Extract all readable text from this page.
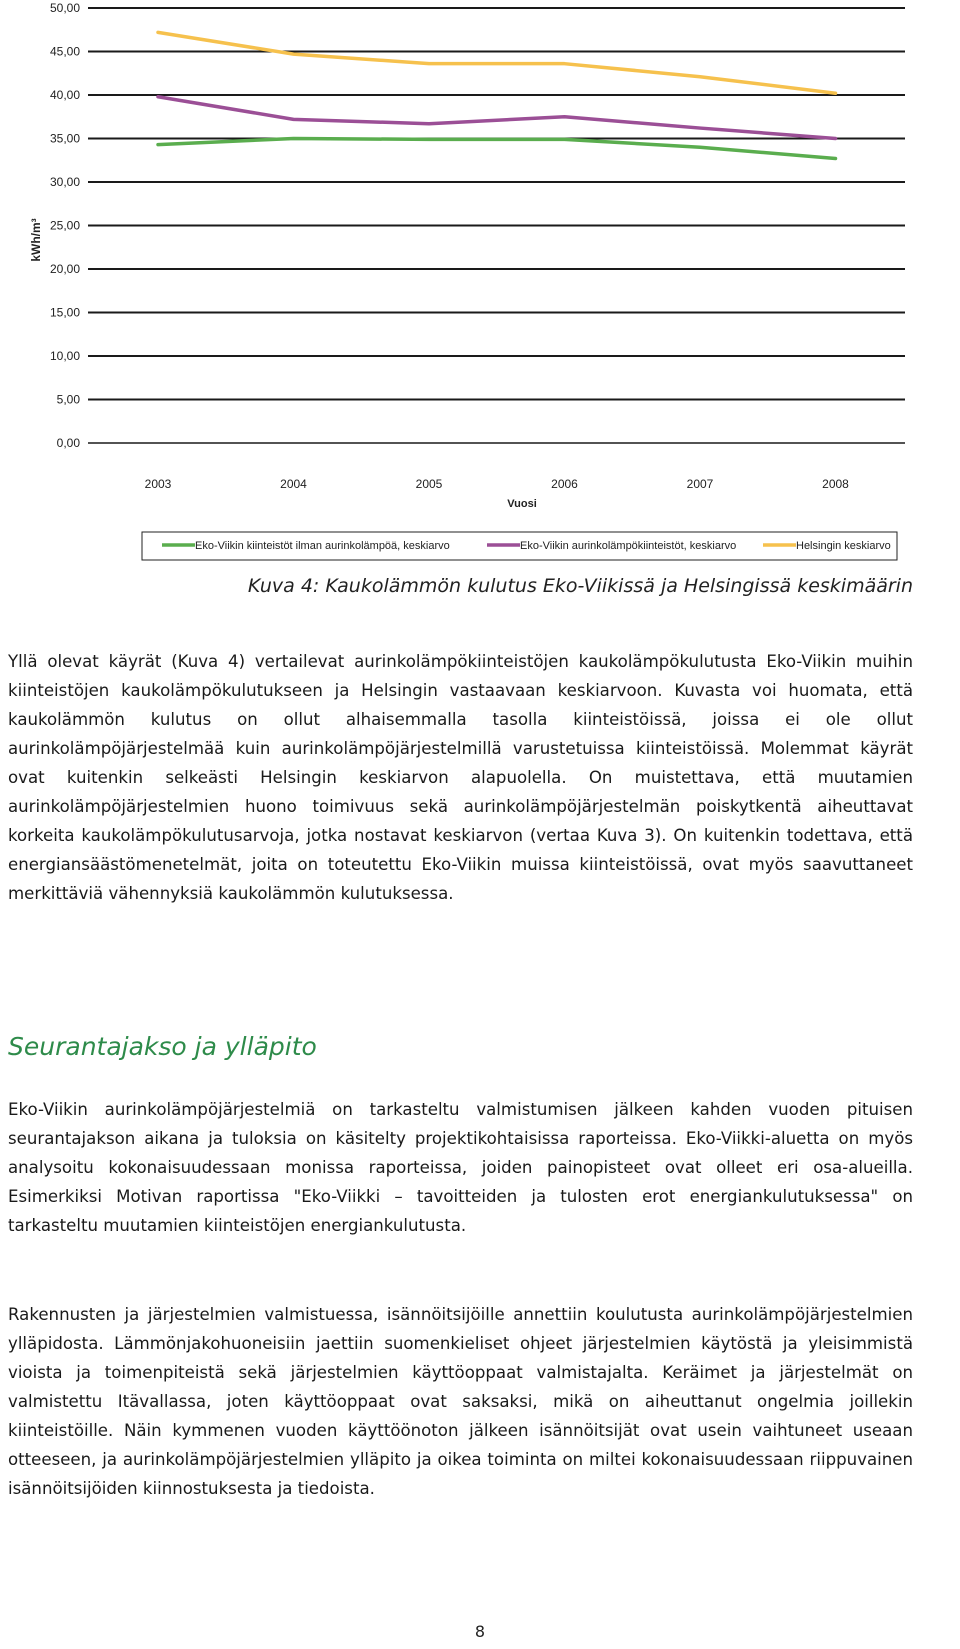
0,00
5,00
10,00
15,00
20,00
25,00
30,00
35,00
40,00
45,00
50,00
kWh/m³
2003	2004	2005	2006	2007	2008
Vuosi
Eko-Viikin kiinteistöt ilman aurinkolämpöä, keskiarvo	Eko-Viikin aurinkolämpökiinteistöt, keskiarvo	Helsingin keskiarvo
Kuva 4: Kaukolämmön kulutus Eko-Viikissä ja Helsingissä keskimäärin

Yllä olevat käyrät (Kuva 4) vertailevat aurinkolämpökiinteistöjen kaukolämpökulutusta Eko-Viikin muihin kiinteistöjen kaukolämpökulutukseen ja Helsingin vastaavaan keskiarvoon. Kuvasta voi huomata, että kaukolämmön kulutus on ollut alhaisemmalla tasolla kiinteistöissä, joissa ei ole ollut aurinkolämpöjärjestelmää kuin aurinkolämpöjärjestelmillä varustetuissa kiinteistöissä. Molemmat käyrät ovat kuitenkin selkeästi Helsingin keskiarvon alapuolella. On muistettava, että muutamien aurinkolämpöjärjestelmien huono toimivuus sekä aurinkolämpöjärjestelmän poiskytkentä aiheuttavat korkeita kaukolämpökulutusarvoja, jotka nostavat keskiarvon (vertaa Kuva 3). On kuitenkin todettava, että energiansäästömenetelmät, joita on toteutettu Eko-Viikin muissa kiinteistöissä, ovat myös saavuttaneet merkittäviä vähennyksiä kaukolämmön kulutuksessa.

Seurantajakso ja ylläpito

Eko-Viikin aurinkolämpöjärjestelmiä on tarkasteltu valmistumisen jälkeen kahden vuoden pituisen seurantajakson aikana ja tuloksia on käsitelty projektikohtaisissa raporteissa. Eko-Viikki-aluetta on myös analysoitu kokonaisuudessaan monissa raporteissa, joiden painopisteet ovat olleet eri osa-alueilla. Esimerkiksi Motivan raportissa "Eko-Viikki – tavoitteiden ja tulosten erot energiankulutuksessa" on tarkasteltu muutamien kiinteistöjen energiankulutusta.

Rakennusten ja järjestelmien valmistuessa, isännöitsijöille annettiin koulutusta aurinkolämpöjärjestelmien ylläpidosta. Lämmönjakohuoneisiin jaettiin suomenkieliset ohjeet järjestelmien käytöstä ja yleisimmistä vioista ja toimenpiteistä sekä järjestelmien käyttöoppaat valmistajalta. Keräimet ja järjestelmät on valmistettu Itävallassa, joten käyttöoppaat ovat saksaksi, mikä on aiheuttanut ongelmia joillekin kiinteistöille. Näin kymmenen vuoden käyttöönoton jälkeen isännöitsijät ovat usein vaihtuneet useaan otteeseen, ja aurinkolämpöjärjestelmien ylläpito ja oikea toiminta on miltei kokonaisuudessaan riippuvainen isännöitsijöiden kiinnostuksesta ja tiedoista.

8
